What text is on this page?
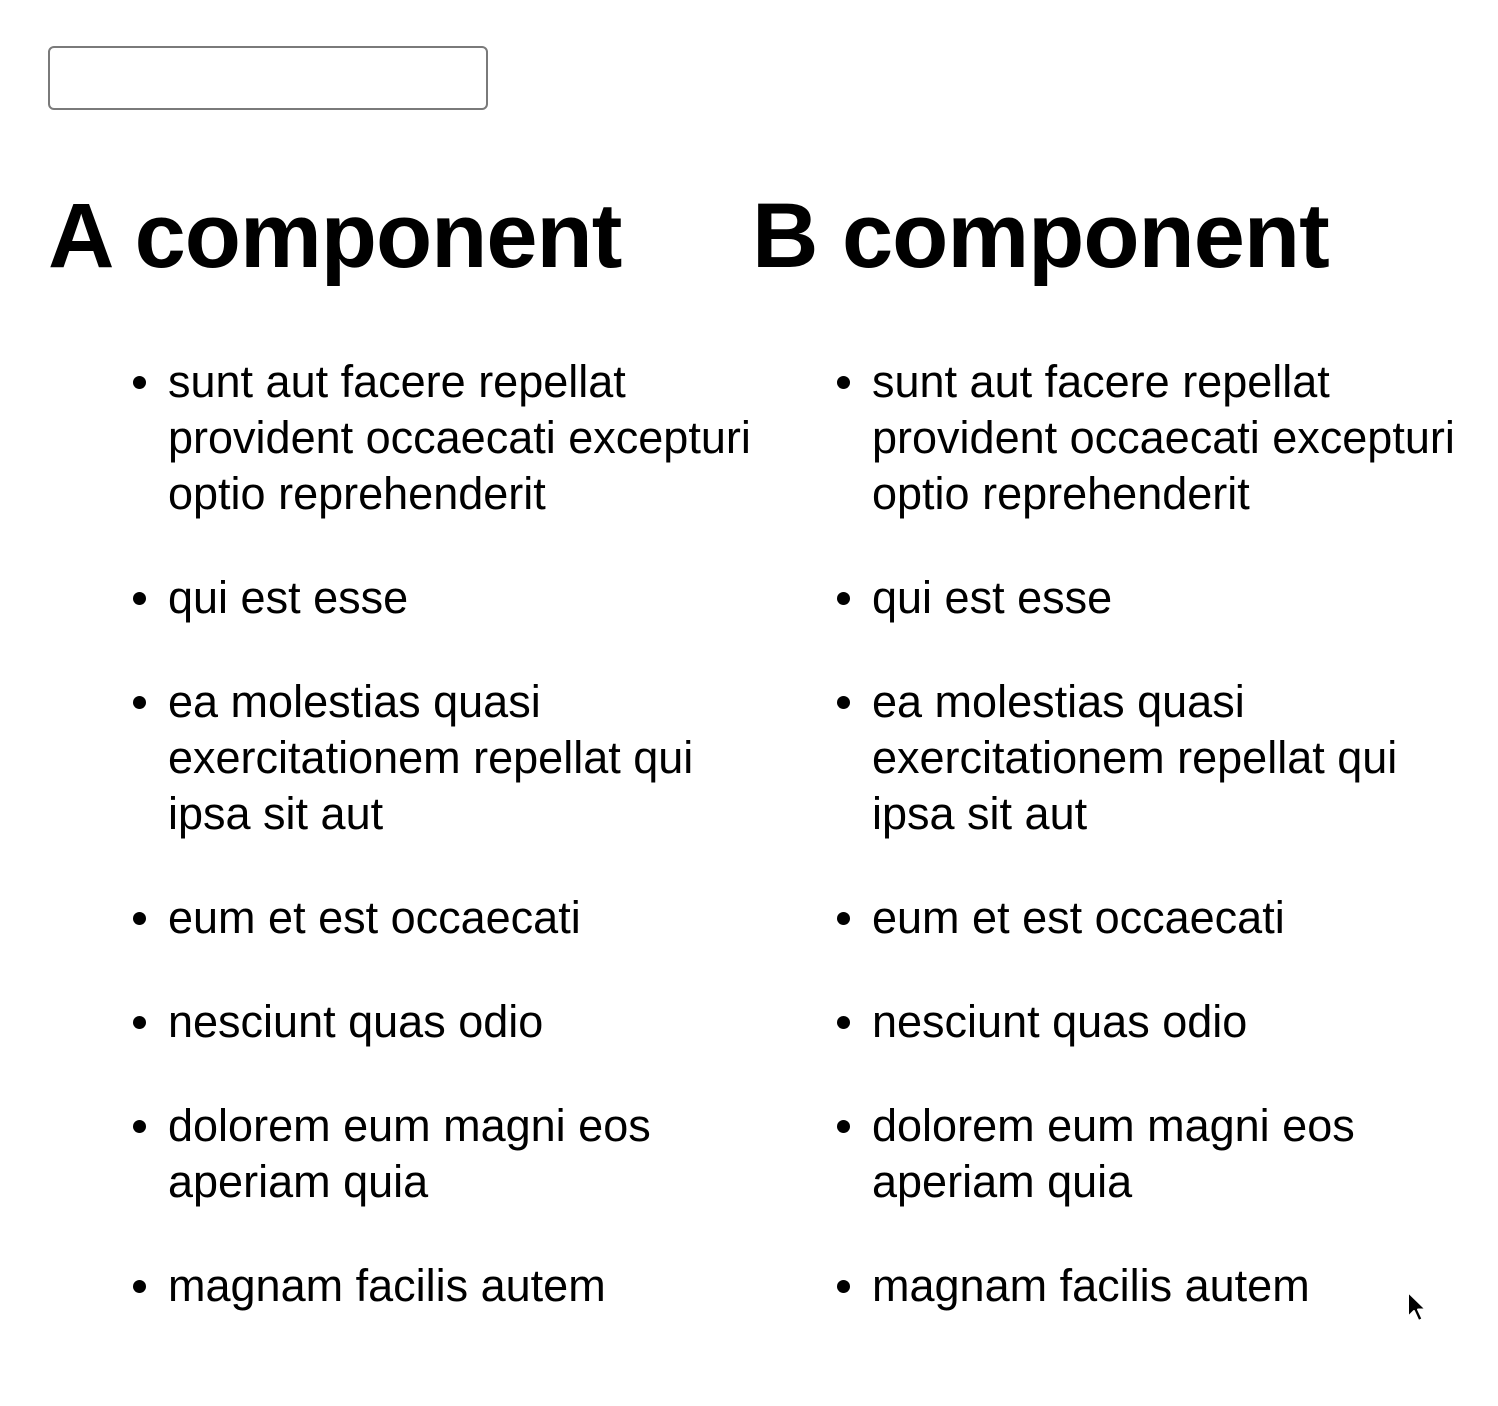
A component
sunt aut facere repellat provident occaecati excepturi optio reprehenderit
qui est esse
ea molestias quasi exercitationem repellat qui ipsa sit aut
eum et est occaecati
nesciunt quas odio
dolorem eum magni eos aperiam quia
magnam facilis autem
B component
sunt aut facere repellat provident occaecati excepturi optio reprehenderit
qui est esse
ea molestias quasi exercitationem repellat qui ipsa sit aut
eum et est occaecati
nesciunt quas odio
dolorem eum magni eos aperiam quia
magnam facilis autem
